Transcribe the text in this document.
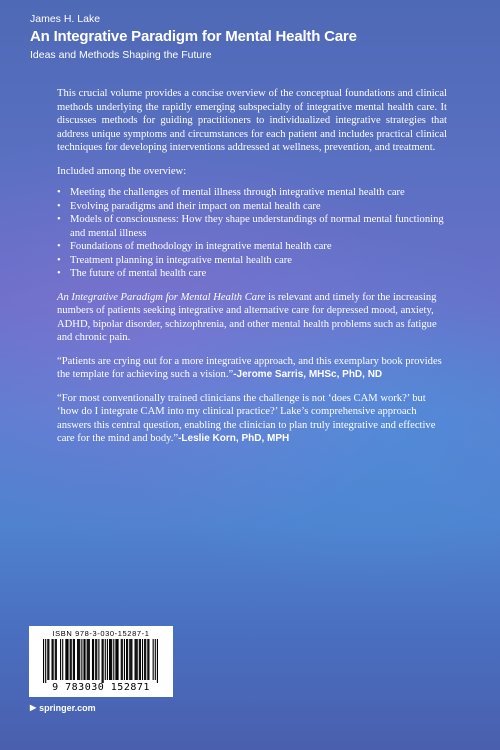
James H. Lake
An Integrative Paradigm for Mental Health Care
Ideas and Methods Shaping the Future

This crucial volume provides a concise overview of the conceptual foundations and clinical methods underlying the rapidly emerging subspecialty of integrative mental health care. It discusses methods for guiding practitioners to individualized integrative strategies that address unique symptoms and circumstances for each patient and includes practical clinical techniques for developing interventions addressed at wellness, prevention, and treatment.

Included among the overview:

• Meeting the challenges of mental illness through integrative mental health care
• Evolving paradigms and their impact on mental health care
• Models of consciousness: How they shape understandings of normal mental functioning and mental illness
• Foundations of methodology in integrative mental health care
• Treatment planning in integrative mental health care
• The future of mental health care

An Integrative Paradigm for Mental Health Care is relevant and timely for the increasing numbers of patients seeking integrative and alternative care for depressed mood, anxiety, ADHD, bipolar disorder, schizophrenia, and other mental health problems such as fatigue and chronic pain.

“Patients are crying out for a more integrative approach, and this exemplary book provides the template for achieving such a vision.”-Jerome Sarris, MHSc, PhD, ND

“For most conventionally trained clinicians the challenge is not ‘does CAM work?’ but ‘how do I integrate CAM into my clinical practice?’ Lake’s comprehensive approach answers this central question, enabling the clinician to plan truly integrative and effective care for the mind and body.”-Leslie Korn, PhD, MPH

ISBN 978-3-030-15287-1
9 783030 152871
▶ springer.com
